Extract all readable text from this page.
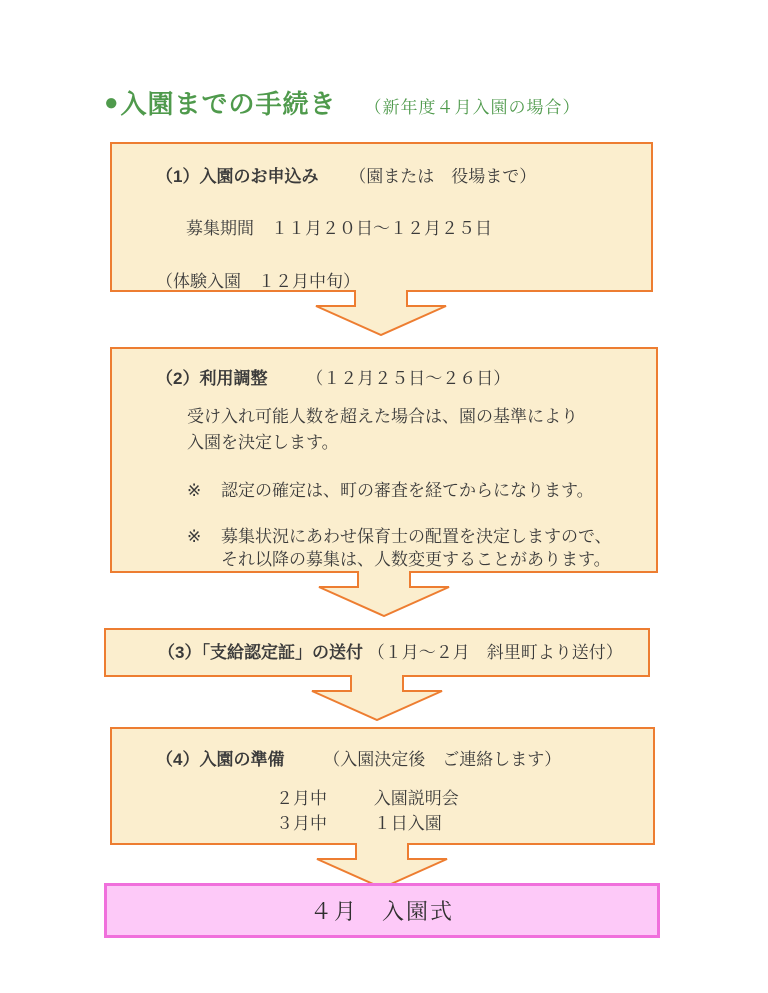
● 入園までの手続き （新年度４月入園の場合）
（1）入園のお申込み （園または　役場まで）
募集期間　１１月２０日～１２月２５日
（体験入園　１２月中旬）
（2）利用調整 （１２月２５日～２６日）
受け入れ可能人数を超えた場合は、園の基準により
入園を決定します。
※	認定の確定は、町の審査を経てからになります。
※	募集状況にあわせ保育士の配置を決定しますので、
それ以降の募集は、人数変更することがあります。
（3）「支給認定証」の送付 （１月～２月　斜里町より送付）
（4）入園の準備 （入園決定後　ご連絡します）
２月中	入園説明会
３月中	１日入園
４月　入園式
